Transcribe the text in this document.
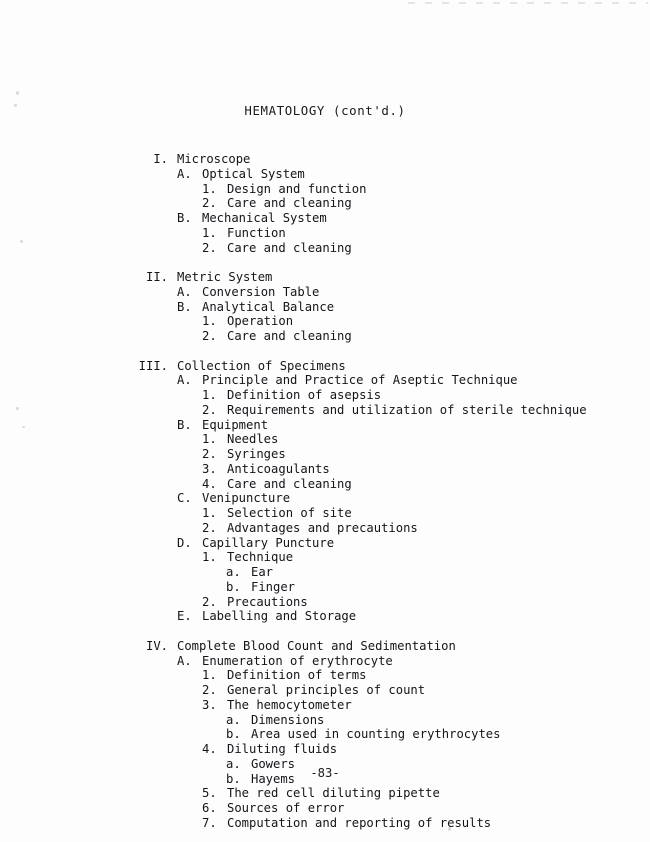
HEMATOLOGY (cont'd.)
I. Microscope
A. Optical System
1. Design and function
2. Care and cleaning
B. Mechanical System
1. Function
2. Care and cleaning
II. Metric System
A. Conversion Table
B. Analytical Balance
1. Operation
2. Care and cleaning
III. Collection of Specimens
A. Principle and Practice of Aseptic Technique
1. Definition of asepsis
2. Requirements and utilization of sterile technique
B. Equipment
1. Needles
2. Syringes
3. Anticoagulants
4. Care and cleaning
C. Venipuncture
1. Selection of site
2. Advantages and precautions
D. Capillary Puncture
1. Technique
a. Ear
b. Finger
2. Precautions
E. Labelling and Storage
IV. Complete Blood Count and Sedimentation
A. Enumeration of erythrocyte
1. Definition of terms
2. General principles of count
3. The hemocytometer
a. Dimensions
b. Area used in counting erythrocytes
4. Diluting fluids
a. Gowers
b. Hayems
5. The red cell diluting pipette
6. Sources of error
7. Computation and reporting of results
-83-
